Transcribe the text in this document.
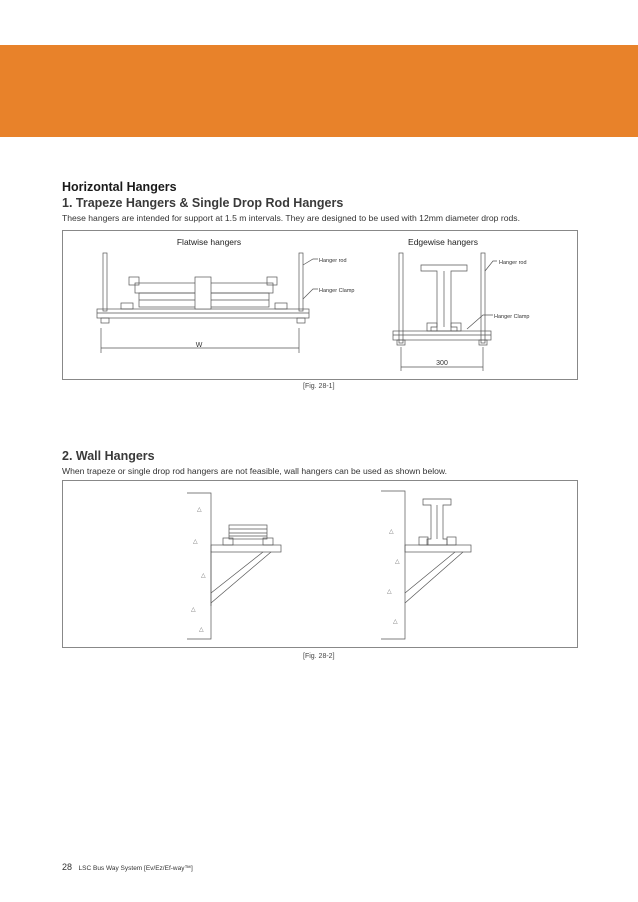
Horizontal Hangers
1. Trapeze Hangers & Single Drop Rod Hangers
These hangers are intended for support at 1.5 m intervals. They are designed to be used with 12mm diameter drop rods.
Flatwise hangers	Edgewise hangers
Hanger rod
Hanger Clamp
Hanger rod
Hanger Clamp
W
300
[Fig. 28-1]
2. Wall Hangers
When trapeze or single drop rod hangers are not feasible, wall hangers can be used as shown below.
△
△
△
△
△
△
△
△
△
[Fig. 28-2]
28 LSC Bus Way System [Ev/Ez/Ef-way™]
